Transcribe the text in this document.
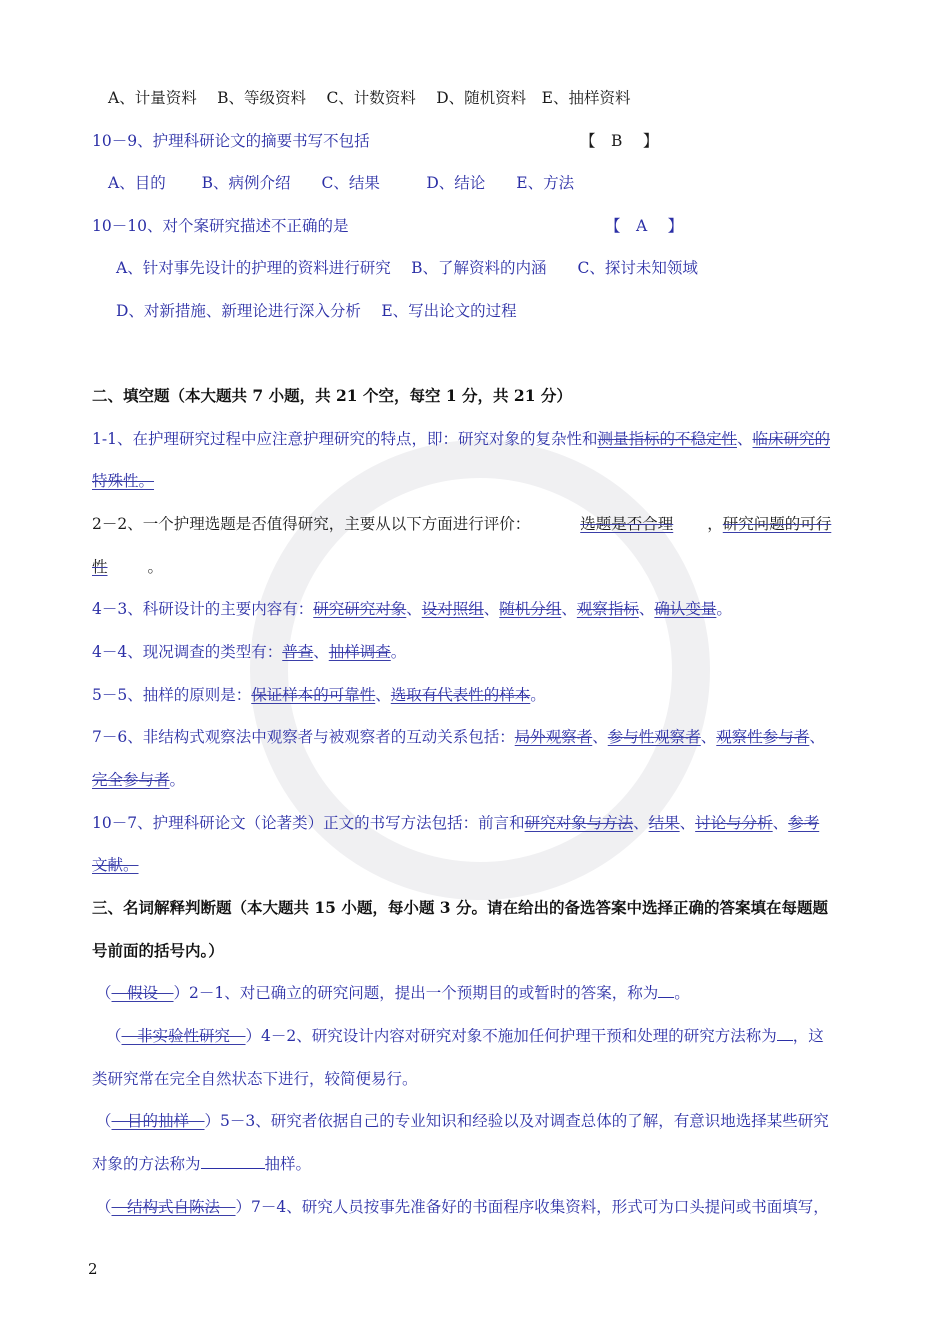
A、计量资料　 B、等级资料　 C、计数资料　 D、随机资料　E、抽样资料
10－9、护理科研论文的摘要书写不包括	【　B　 】
A、目的　　 B、病例介绍　　C、结果　　　D、结论　　E、方法
10－10、对个案研究描述不正确的是	【　A　 】
A、针对事先设计的护理的资料进行研究　 B、了解资料的内涵　　C、探讨未知领域
D、对新措施、新理论进行深入分析　 E、写出论文的过程
二、填空题（本大题共 7 小题，共 21 个空，每空 1 分，共 21 分）
1-1、在护理研究过程中应注意护理研究的特点，即：研究对象的复杂性和测量指标的不稳定性、临床研究的
特殊性。
2－2、一个护理选题是否值得研究，主要从以下方面进行评价：	选题是否合理 ，研究问题的可行
性	。
4－3、科研设计的主要内容有：研究研究对象、设对照组、随机分组、观察指标、确认变量。
4－4、现况调查的类型有：普查、抽样调查。
5－5、抽样的原则是：保证样本的可靠性、选取有代表性的样本。
7－6、非结构式观察法中观察者与被观察者的互动关系包括：局外观察者、参与性观察者、观察性参与者、
完全参与者。
10－7、护理科研论文（论著类）正文的书写方法包括：前言和研究对象与方法、结果、讨论与分析、参考
文献。
三、名词解释判断题（本大题共 15 小题，每小题 3 分。请在给出的备选答案中选择正确的答案填在每题题
号前面的括号内。）
（　假设　）2－1、对已确立的研究问题，提出一个预期目的或暂时的答案，称为 。
（　非实验性研究　）4－2、研究设计内容对研究对象不施加任何护理干预和处理的研究方法称为 ，这
类研究常在完全自然状态下进行，较简便易行。
（　目的抽样　）5－3、研究者依据自己的专业知识和经验以及对调查总体的了解，有意识地选择某些研究
对象的方法称为	抽样。
（　结构式自陈法　）7－4、研究人员按事先准备好的书面程序收集资料，形式可为口头提问或书面填写，
2
